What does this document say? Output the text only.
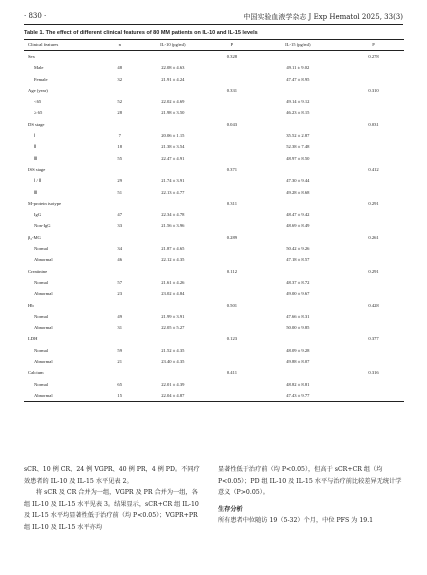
· 830 ·	中国实验血液学杂志 J Exp Hematol 2025, 33(3)
Table 1. The effect of different clinical features of 80 MM patients on IL-10 and IL-15 levels
Clinical features	n	IL-10 (pg/ml)	P	IL-15 (pg/ml)	P
Sex			0.328		0.278
Male	48	22.08 ± 4.63		49.11 ± 9.02	
Female	32	21.91 ± 4.24		47.47 ± 8.95	
Age (year)			0.331		0.310
<65	52	22.02 ± 4.69		49.14 ± 9.12	
≥ 65	28	21.98 ± 3.50		46.23 ± 8.15	
DS stage			0.043		0.031
Ⅰ	7	20.06 ± 1.15		35.52 ± 2.87	
Ⅱ	18	21.38 ± 3.54		52.38 ± 7.48	
Ⅲ	55	22.47 ± 4.91		48.97 ± 8.50	
ISS stage			0.371		0.412
Ⅰ / Ⅱ	29	21.74 ± 3.91		47.30 ± 9.44	
Ⅲ	51	22.13 ± 4.77		49.28 ± 8.68	
M-protein isotype			0.311		0.291
IgG	47	22.34 ± 4.78		48.47 ± 9.42	
Non-IgG	33	21.56 ± 3.96		48.69 ± 8.49	
β₂-MG			0.289		0.261
Normal	34	21.87 ± 4.65		50.42 ± 9.26	
Abnormal	46	22.12 ± 4.35		47.18 ± 8.57	
Creatinine			0.112		0.291
Normal	57	21.61 ± 4.26		48.37 ± 8.72	
Abnormal	23	23.02 ± 4.84		49.00 ± 9.67	
Hb			0.501		0.428
Normal	49	21.99 ± 3.91		47.66 ± 8.31	
Abnormal	31	22.05 ± 5.27		50.00 ± 9.85	
LDH			0.123		0.377
Normal	59	21.52 ± 4.35		48.09 ± 9.28	
Abnormal	21	23.40 ± 4.35		49.88 ± 8.07	
Calcium			0.411		0.316
Normal	65	22.01 ± 4.39		48.82 ± 8.81	
Abnormal	15	22.04 ± 4.87		47.43 ± 9.77	

sCR、10 例 CR、24 例 VGPR、40 例 PR，4 例 PD。不同疗效患者的 IL-10 及 IL-15 水平见表 2。

将 sCR 及 CR 合并为一组，VGPR 及 PR 合并为一组，各组 IL-10 及 IL-15 水平见表 3。结果显示，sCR+CR 组 IL-10 及 IL-15 水平均显著性低于治疗前（均 P<0.05）；VGPR+PR 组 IL-10 及 IL-15 水平亦均

显著性低于治疗前（均 P<0.05），但高于 sCR+CR 组（均 P<0.05）；PD 组 IL-10 及 IL-15 水平与治疗前比较差异无统计学意义（P>0.05）。

生存分析

所有患者中位随访 19（5-32）个月，中位 PFS 为 19.1
